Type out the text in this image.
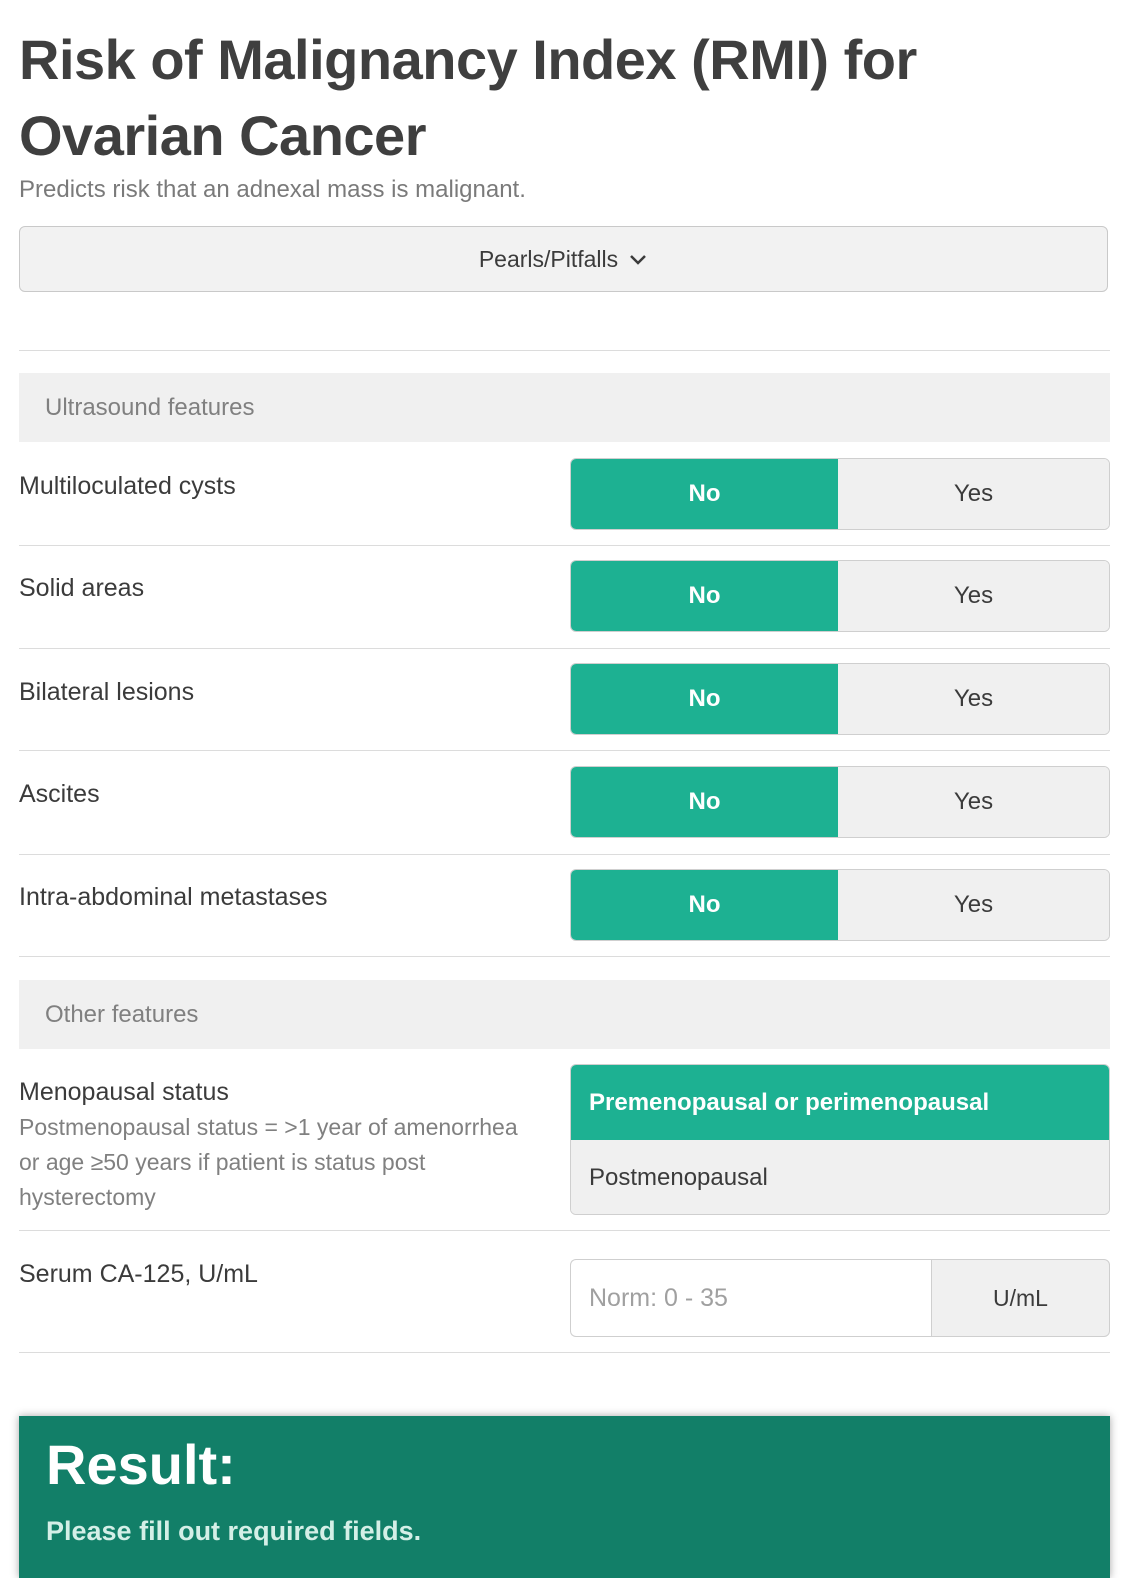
Risk of Malignancy Index (RMI) for Ovarian Cancer
Predicts risk that an adnexal mass is malignant.
Pearls/Pitfalls
Ultrasound features
Multiloculated cysts	No	Yes
Solid areas	No	Yes
Bilateral lesions	No	Yes
Ascites	No	Yes
Intra-abdominal metastases	No	Yes
Other features
Menopausal status
Postmenopausal status = >1 year of amenorrhea or age ≥50 years if patient is status post hysterectomy
Premenopausal or perimenopausal
Postmenopausal
Serum CA-125, U/mL
Norm: 0 - 35
U/mL
Result:
Please fill out required fields.
